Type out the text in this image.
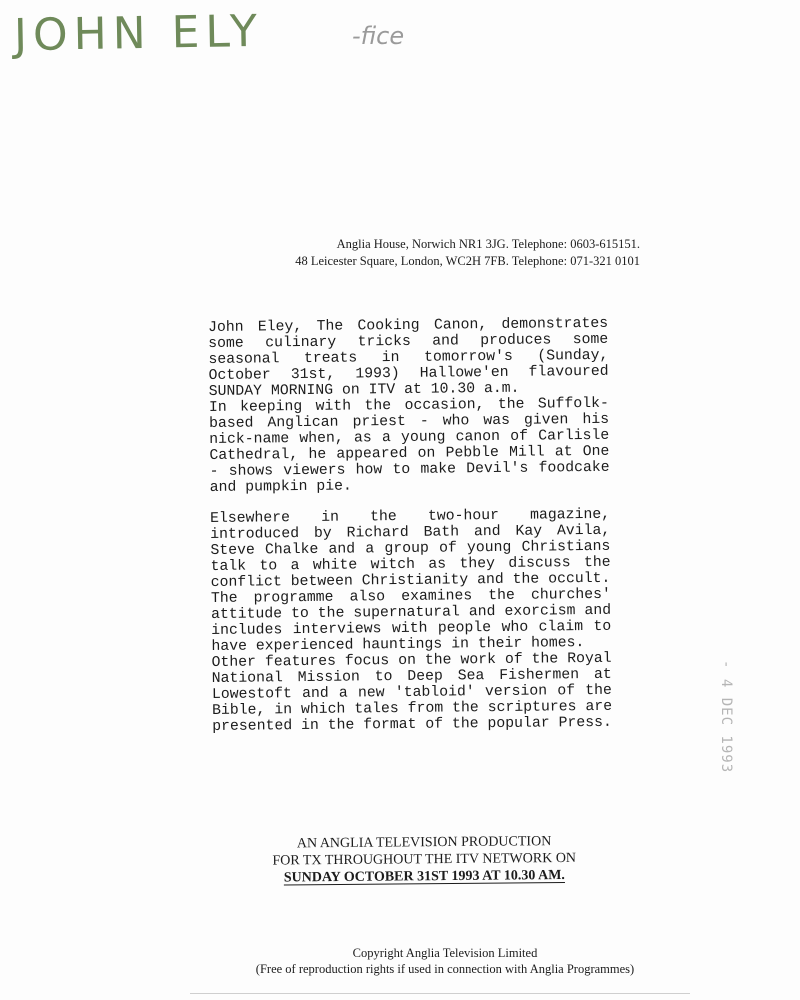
JOHN ELY	-fice
Anglia House, Norwich NR1 3JG. Telephone: 0603-615151.
48 Leicester Square, London, WC2H 7FB. Telephone: 071-321 0101

John Eley, The Cooking Canon, demonstrates some culinary tricks and produces some seasonal treats in tomorrow's (Sunday, October 31st, 1993) Hallowe'en flavoured SUNDAY MORNING on ITV at 10.30 a.m.

In keeping with the occasion, the Suffolk-based Anglican priest - who was given his nick-name when, as a young canon of Carlisle Cathedral, he appeared on Pebble Mill at One - shows viewers how to make Devil's foodcake and pumpkin pie.

Elsewhere in the two-hour magazine, introduced by Richard Bath and Kay Avila, Steve Chalke and a group of young Christians talk to a white witch as they discuss the conflict between Christianity and the occult.

The programme also examines the churches' attitude to the supernatural and exorcism and includes interviews with people who claim to have experienced hauntings in their homes.

Other features focus on the work of the Royal National Mission to Deep Sea Fishermen at Lowestoft and a new 'tabloid' version of the Bible, in which tales from the scriptures are presented in the format of the popular Press.

AN ANGLIA TELEVISION PRODUCTION
FOR TX THROUGHOUT THE ITV NETWORK ON
SUNDAY OCTOBER 31ST 1993 AT 10.30 AM.
- 4 DEC 1993
Copyright Anglia Television Limited
(Free of reproduction rights if used in connection with Anglia Programmes)
